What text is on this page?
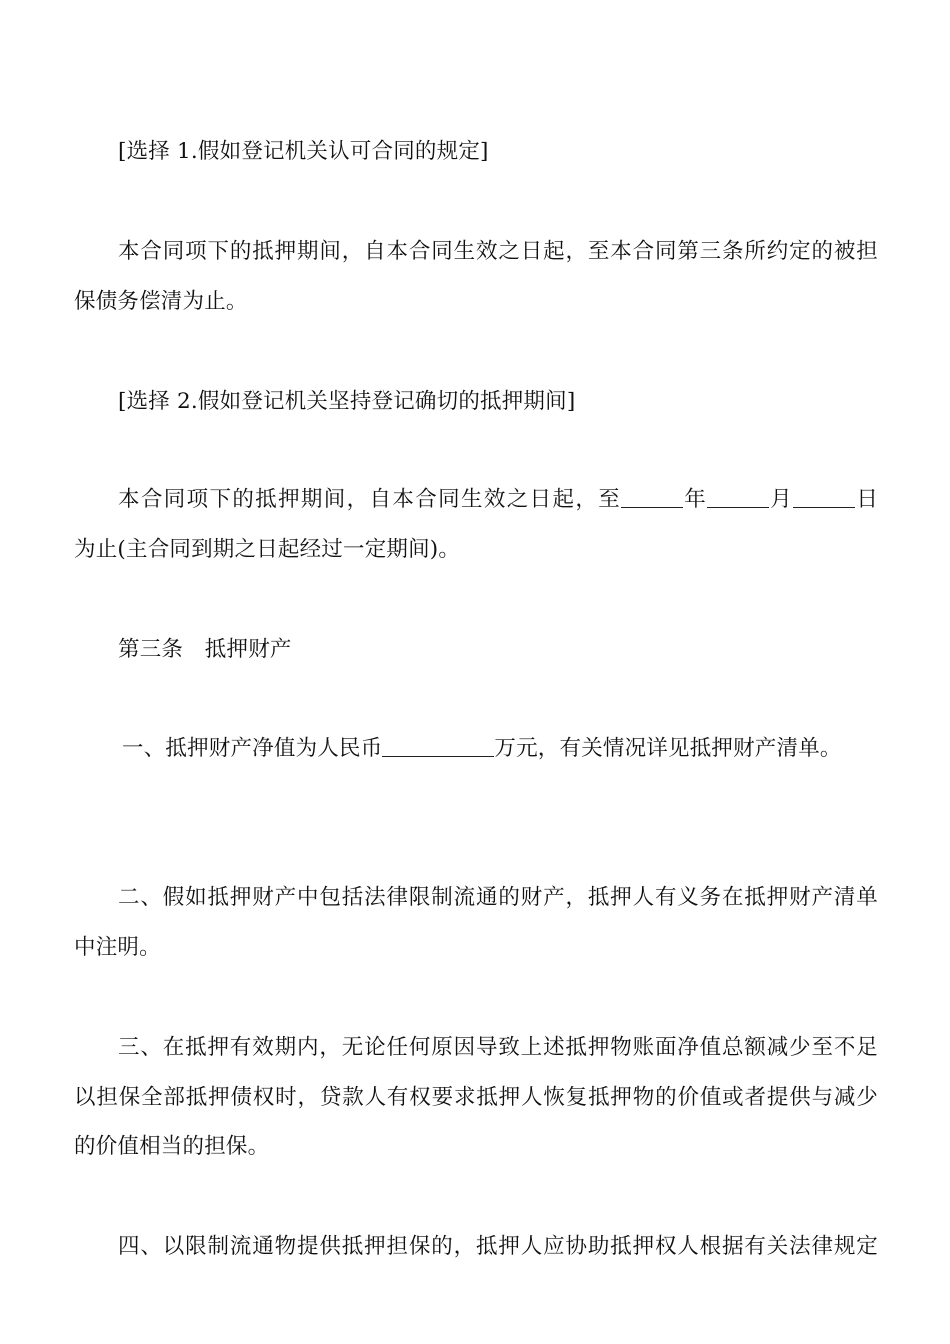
[选择 1.假如登记机关认可合同的规定]
本合同项下的抵押期间，自本合同生效之日起，至本合同第三条所约定的被担
保债务偿清为止。
[选择 2.假如登记机关坚持登记确切的抵押期间]
本合同项下的抵押期间，自本合同生效之日起，至	年	月	日
为止(主合同到期之日起经过一定期间)。
第三条　抵押财产
一、抵押财产净值为人民币	万元，有关情况详见抵押财产清单。
二、假如抵押财产中包括法律限制流通的财产，抵押人有义务在抵押财产清单
中注明。
三、在抵押有效期内，无论任何原因导致上述抵押物账面净值总额减少至不足
以担保全部抵押债权时，贷款人有权要求抵押人恢复抵押物的价值或者提供与减少
的价值相当的担保。
四、以限制流通物提供抵押担保的，抵押人应协助抵押权人根据有关法律规定
